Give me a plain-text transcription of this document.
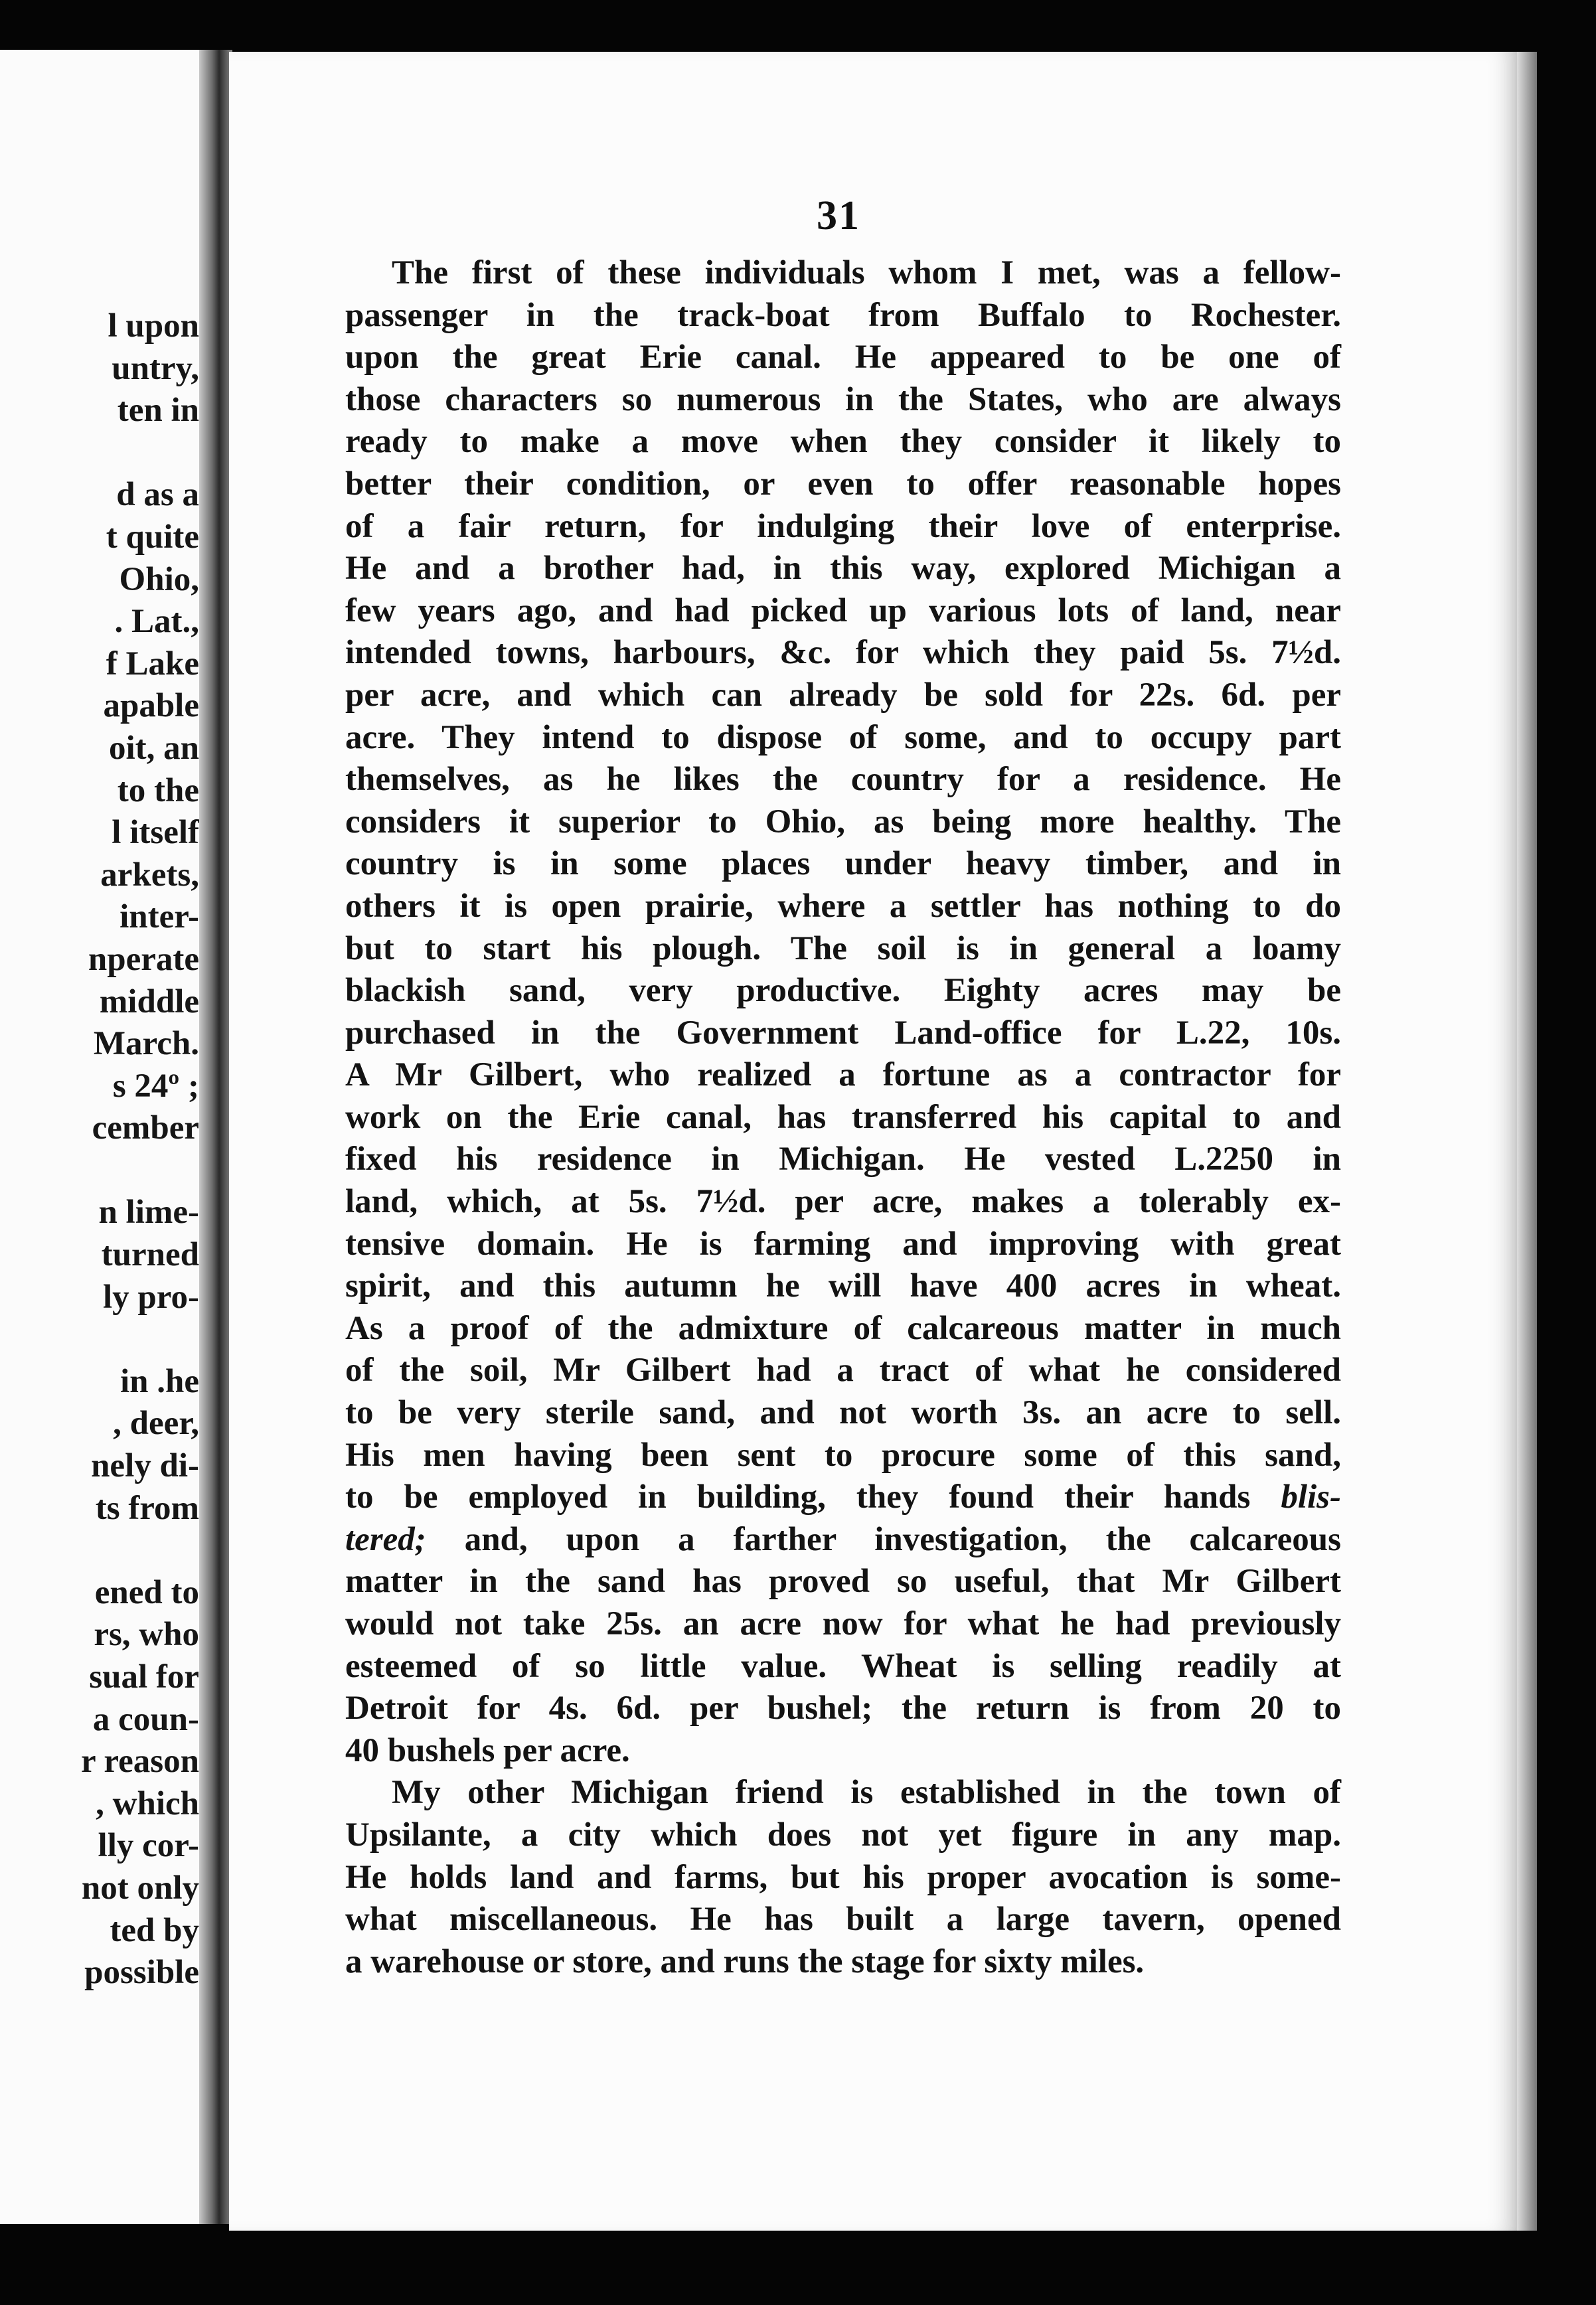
l upon
untry,
ten in

d as a
t quite
Ohio,
. Lat.,
f Lake
apable
oit, an
to the
l itself
arkets,
inter-
nperate
middle
March.
s 24º ;
cember

n lime-
turned
ly pro-

in .he
, deer,
nely di-
ts from

ened to
rs, who
sual for
a coun-
r reason
, which
lly cor-
not only
ted by
possible
31
The first of these individuals whom I met, was a fellow-
passenger in the track-boat from Buffalo to Rochester.
upon the great Erie canal. He appeared to be one of
those characters so numerous in the States, who are always
ready to make a move when they consider it likely to
better their condition, or even to offer reasonable hopes
of a fair return, for indulging their love of enterprise.
He and a brother had, in this way, explored Michigan a
few years ago, and had picked up various lots of land, near
intended towns, harbours, &c. for which they paid 5s. 7½d.
per acre, and which can already be sold for 22s. 6d. per
acre. They intend to dispose of some, and to occupy part
themselves, as he likes the country for a residence. He
considers it superior to Ohio, as being more healthy. The
country is in some places under heavy timber, and in
others it is open prairie, where a settler has nothing to do
but to start his plough. The soil is in general a loamy
blackish sand, very productive. Eighty acres may be
purchased in the Government Land-office for L.22, 10s.
A Mr Gilbert, who realized a fortune as a contractor for
work on the Erie canal, has transferred his capital to and
fixed his residence in Michigan. He vested L.2250 in
land, which, at 5s. 7½d. per acre, makes a tolerably ex-
tensive domain. He is farming and improving with great
spirit, and this autumn he will have 400 acres in wheat.
As a proof of the admixture of calcareous matter in much
of the soil, Mr Gilbert had a tract of what he considered
to be very sterile sand, and not worth 3s. an acre to sell.
His men having been sent to procure some of this sand,
to be employed in building, they found their hands blis-
tered; and, upon a farther investigation, the calcareous
matter in the sand has proved so useful, that Mr Gilbert
would not take 25s. an acre now for what he had previously
esteemed of so little value. Wheat is selling readily at
Detroit for 4s. 6d. per bushel; the return is from 20 to
40 bushels per acre.
My other Michigan friend is established in the town of
Upsilante, a city which does not yet figure in any map.
He holds land and farms, but his proper avocation is some-
what miscellaneous. He has built a large tavern, opened
a warehouse or store, and runs the stage for sixty miles.
